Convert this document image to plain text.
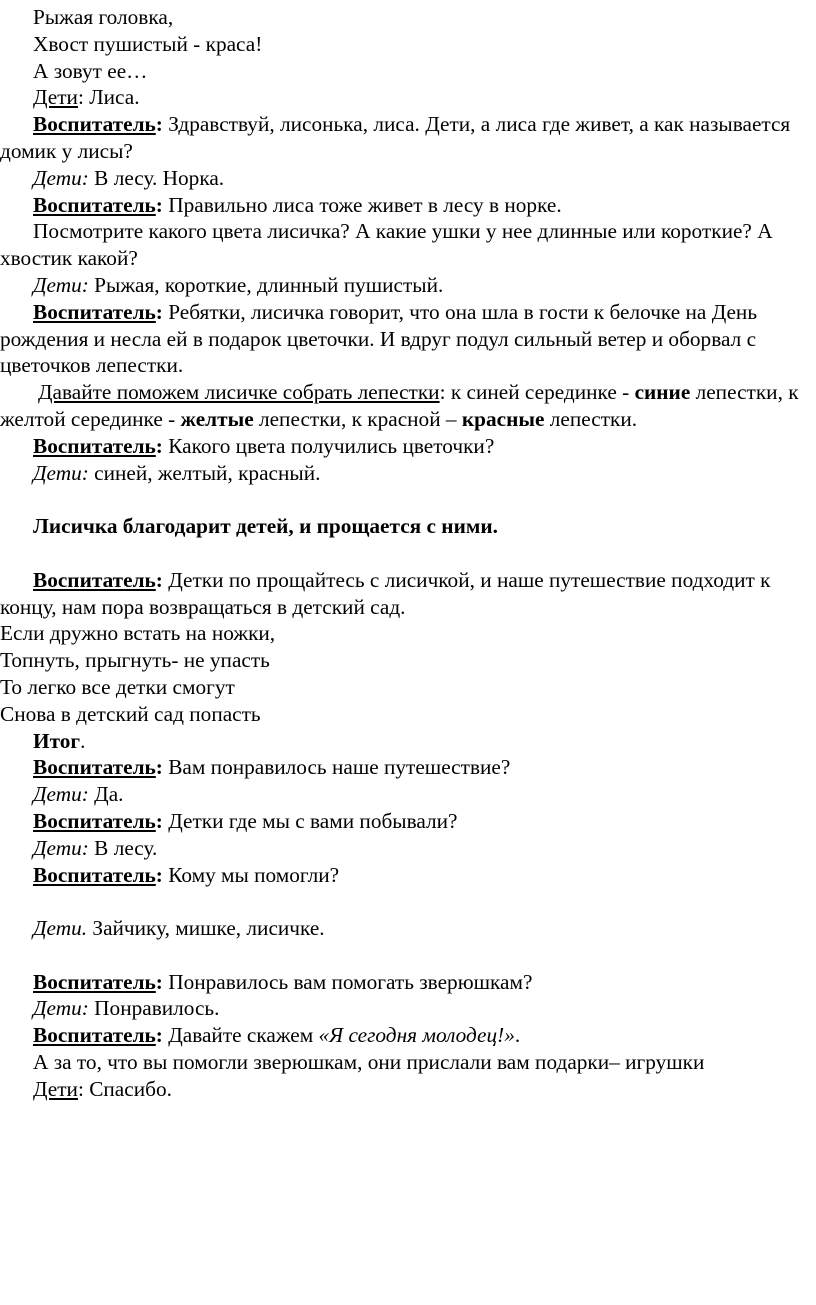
Рыжая головка,

Хвост пушистый - краса!

А зовут ее…

Дети: Лиса.

Воспитатель: Здравствуй, лисонька, лиса. Дети, а лиса где живет, а как называется домик у лисы?

Дети: В лесу. Норка.

Воспитатель: Правильно лиса тоже живет в лесу в норке.

Посмотрите какого цвета лисичка? А какие ушки у нее длинные или короткие? А хвостик какой?

Дети: Рыжая, короткие, длинный пушистый.

Воспитатель: Ребятки, лисичка говорит, что она шла в гости к белочке на День рождения и несла ей в подарок цветочки. И вдруг подул сильный ветер и оборвал с цветочков лепестки.

Давайте поможем лисичке собрать лепестки: к синей серединке - синие лепестки, к желтой серединке - желтые лепестки, к красной – красные лепестки.

Воспитатель: Какого цвета получились цветочки?

Дети: синей, желтый, красный.

Лисичка благодарит детей, и прощается с ними.

Воспитатель: Детки по прощайтесь с лисичкой, и наше путешествие подходит к концу, нам пора возвращаться в детский сад.

Если дружно встать на ножки,

Топнуть, прыгнуть- не упасть

То легко все детки смогут

Снова в детский сад попасть

Итог.

Воспитатель: Вам понравилось наше путешествие?

Дети: Да.

Воспитатель: Детки где мы с вами побывали?

Дети: В лесу.

Воспитатель: Кому мы помогли?

Дети. Зайчику, мишке, лисичке.

Воспитатель: Понравилось вам помогать зверюшкам?

Дети: Понравилось.

Воспитатель: Давайте скажем «Я сегодня молодец!».

А за то, что вы помогли зверюшкам, они прислали вам подарки– игрушки

Дети: Спасибо.
